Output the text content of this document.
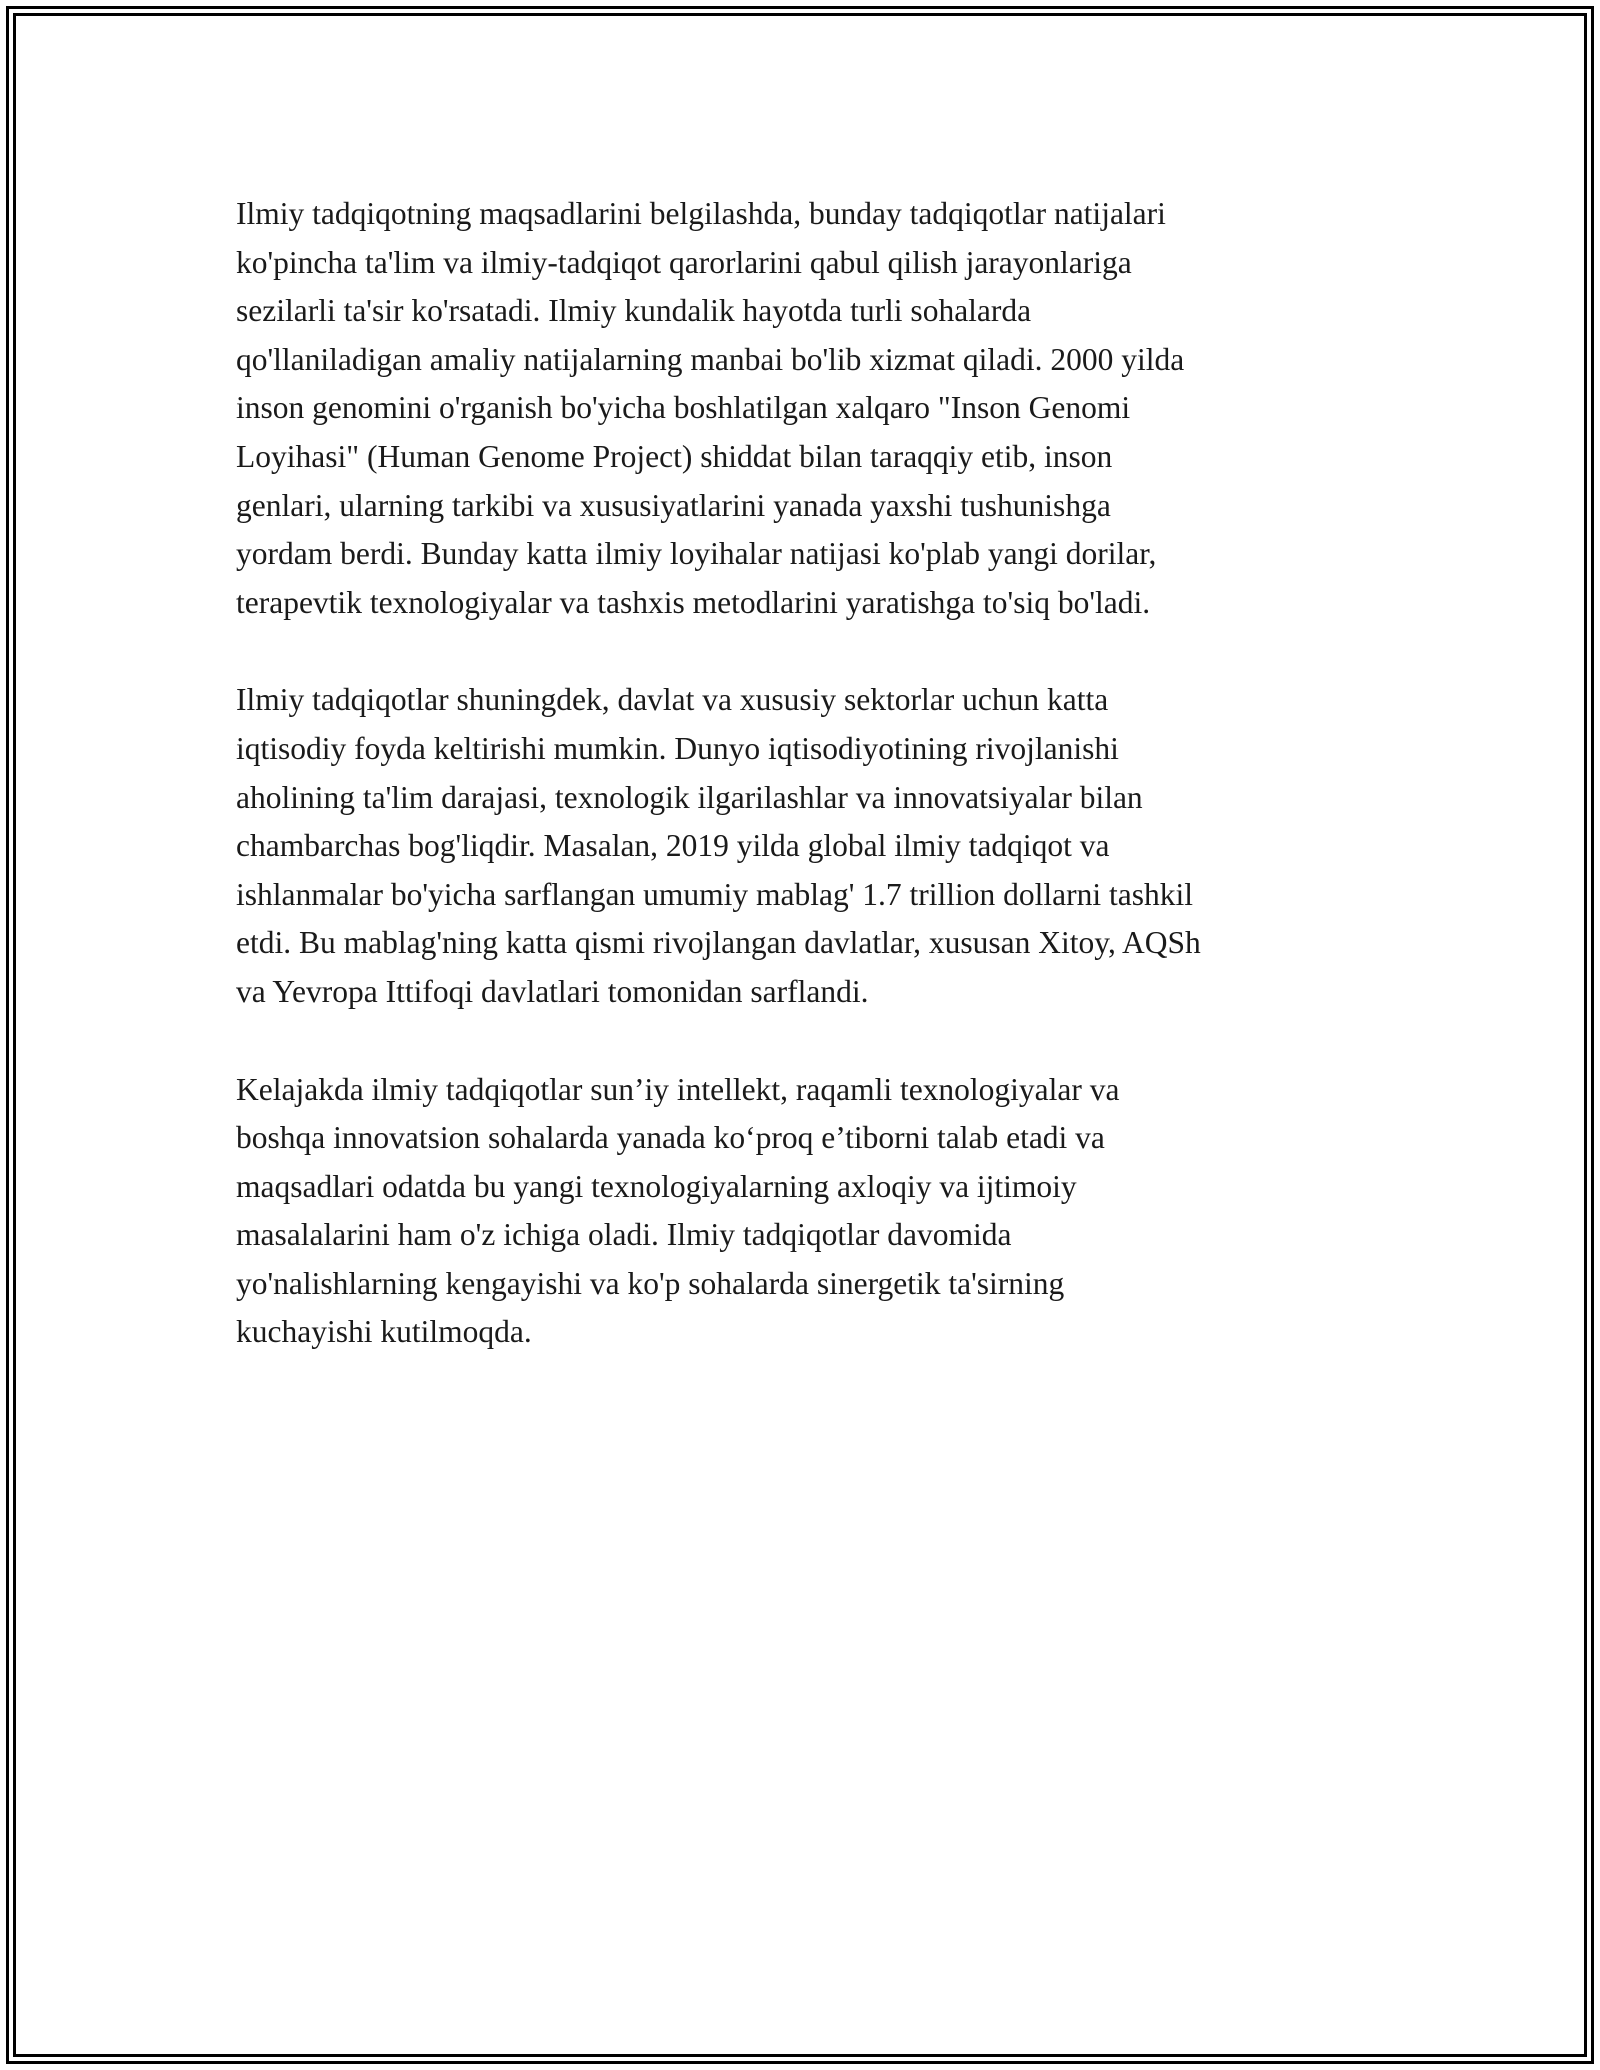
Ilmiy tadqiqotning maqsadlarini belgilashda, bunday tadqiqotlar natijalari
ko'pincha ta'lim va ilmiy-tadqiqot qarorlarini qabul qilish jarayonlariga
sezilarli ta'sir ko'rsatadi. Ilmiy kundalik hayotda turli sohalarda
qo'llaniladigan amaliy natijalarning manbai bo'lib xizmat qiladi. 2000 yilda
inson genomini o'rganish bo'yicha boshlatilgan xalqaro "Inson Genomi
Loyihasi" (Human Genome Project) shiddat bilan taraqqiy etib, inson
genlari, ularning tarkibi va xususiyatlarini yanada yaxshi tushunishga
yordam berdi. Bunday katta ilmiy loyihalar natijasi ko'plab yangi dorilar,
terapevtik texnologiyalar va tashxis metodlarini yaratishga to'siq bo'ladi.

Ilmiy tadqiqotlar shuningdek, davlat va xususiy sektorlar uchun katta
iqtisodiy foyda keltirishi mumkin. Dunyo iqtisodiyotining rivojlanishi
aholining ta'lim darajasi, texnologik ilgarilashlar va innovatsiyalar bilan
chambarchas bog'liqdir. Masalan, 2019 yilda global ilmiy tadqiqot va
ishlanmalar bo'yicha sarflangan umumiy mablag' 1.7 trillion dollarni tashkil
etdi. Bu mablag'ning katta qismi rivojlangan davlatlar, xususan Xitoy, AQSh
va Yevropa Ittifoqi davlatlari tomonidan sarflandi.

Kelajakda ilmiy tadqiqotlar sun’iy intellekt, raqamli texnologiyalar va
boshqa innovatsion sohalarda yanada ko‘proq e’tiborni talab etadi va
maqsadlari odatda bu yangi texnologiyalarning axloqiy va ijtimoiy
masalalarini ham o'z ichiga oladi. Ilmiy tadqiqotlar davomida
yo'nalishlarning kengayishi va ko'p sohalarda sinergetik ta'sirning
kuchayishi kutilmoqda.
